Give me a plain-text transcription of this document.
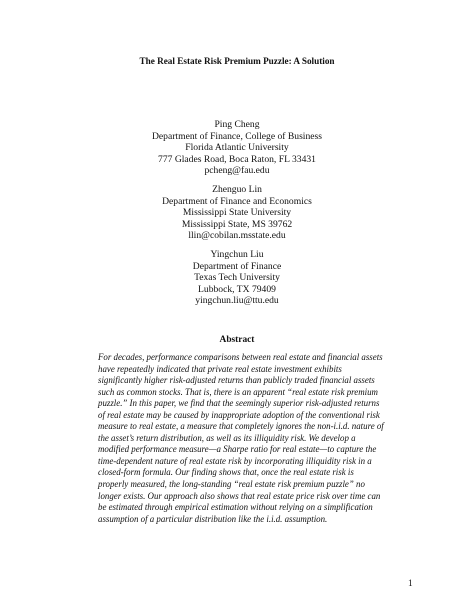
The Real Estate Risk Premium Puzzle: A Solution
Ping Cheng
Department of Finance, College of Business
Florida Atlantic University
777 Glades Road, Boca Raton, FL 33431
pcheng@fau.edu
Zhenguo Lin
Department of Finance and Economics
Mississippi State University
Mississippi State, MS 39762
llin@cobilan.msstate.edu
Yingchun Liu
Department of Finance
Texas Tech University
Lubbock, TX 79409
yingchun.liu@ttu.edu
Abstract
For decades, performance comparisons between real estate and financial assets
have repeatedly indicated that private real estate investment exhibits
significantly higher risk-adjusted returns than publicly traded financial assets
such as common stocks. That is, there is an apparent “real estate risk premium
puzzle.” In this paper, we find that the seemingly superior risk-adjusted returns
of real estate may be caused by inappropriate adoption of the conventional risk
measure to real estate, a measure that completely ignores the non-i.i.d. nature of
the asset’s return distribution, as well as its illiquidity risk. We develop a
modified performance measure—a Sharpe ratio for real estate—to capture the
time-dependent nature of real estate risk by incorporating illiquidity risk in a
closed-form formula. Our finding shows that, once the real estate risk is
properly measured, the long-standing “real estate risk premium puzzle” no
longer exists. Our approach also shows that real estate price risk over time can
be estimated through empirical estimation without relying on a simplification
assumption of a particular distribution like the i.i.d. assumption.
1
